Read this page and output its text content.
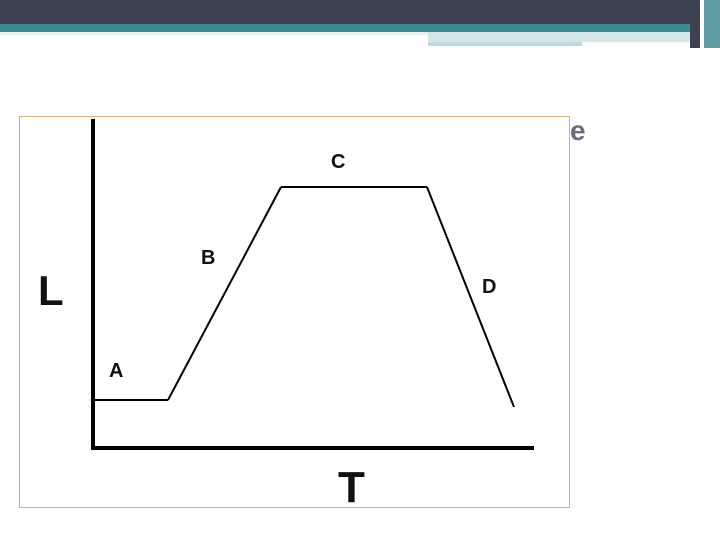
e
L
T
A
B
C
D
